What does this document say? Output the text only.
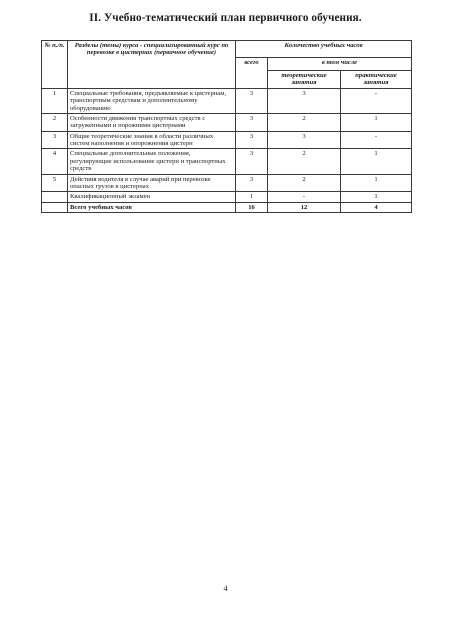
II. Учебно-тематический план первичного обучения.
№ п./п.	Разделы (темы) курса - специализированный курс по перевозке в цистернах (первичное обучение)	Количество учебных часов		
		всего	в том числе	
			теоретические занятия	практические занятия
1	Специальные требования, предъявляемые к цистернам, транспортным средствам и дополнительному оборудованию	3	3	-
2	Особенности движения транспортных средств с загруженными и порожними цистернами	3	2	1
3	Общие теоретические знания в области различных систем наполнения и опорожнения цистерн	3	3	-
4	Специальные дополнительные положения, регулирующие использование цистерн и транспортных средств	3	2	1
5	Действия водителя в случае аварий при перевозке опасных грузов в цистернах	3	2	1
	Квалификационный экзамен	1	-	1
	Всего учебных часов	16	12	4
4
